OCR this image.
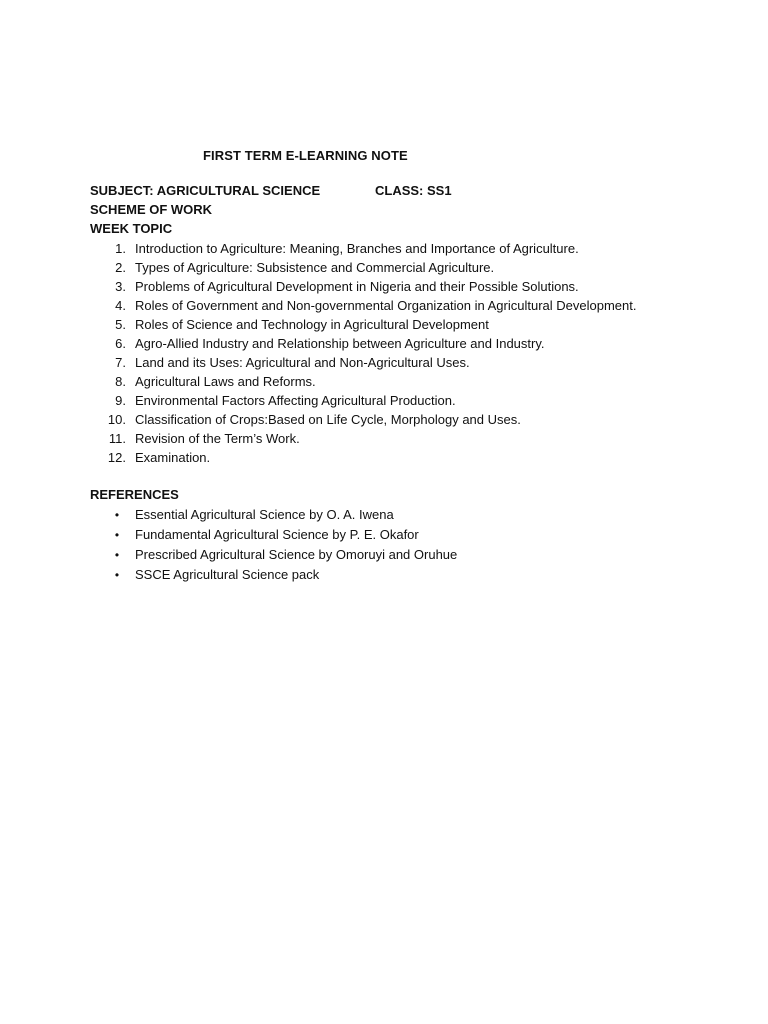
FIRST TERM E-LEARNING NOTE
SUBJECT: AGRICULTURAL SCIENCE	CLASS: SS1
SCHEME OF WORK
WEEK TOPIC
1. Introduction to Agriculture: Meaning, Branches and Importance of Agriculture.
2. Types of Agriculture: Subsistence and Commercial Agriculture.
3. Problems of Agricultural Development in Nigeria and their Possible Solutions.
4. Roles of Government and Non-governmental Organization in Agricultural Development.
5. Roles of Science and Technology in Agricultural Development
6. Agro-Allied Industry and Relationship between Agriculture and Industry.
7. Land and its Uses: Agricultural and Non-Agricultural Uses.
8. Agricultural Laws and Reforms.
9. Environmental Factors Affecting Agricultural Production.
10. Classification of Crops:Based on Life Cycle, Morphology and Uses.
11. Revision of the Term’s Work.
12. Examination.
REFERENCES
• Essential Agricultural Science by O. A. Iwena
• Fundamental Agricultural Science by P. E. Okafor
• Prescribed Agricultural Science by Omoruyi and Oruhue
• SSCE Agricultural Science pack
